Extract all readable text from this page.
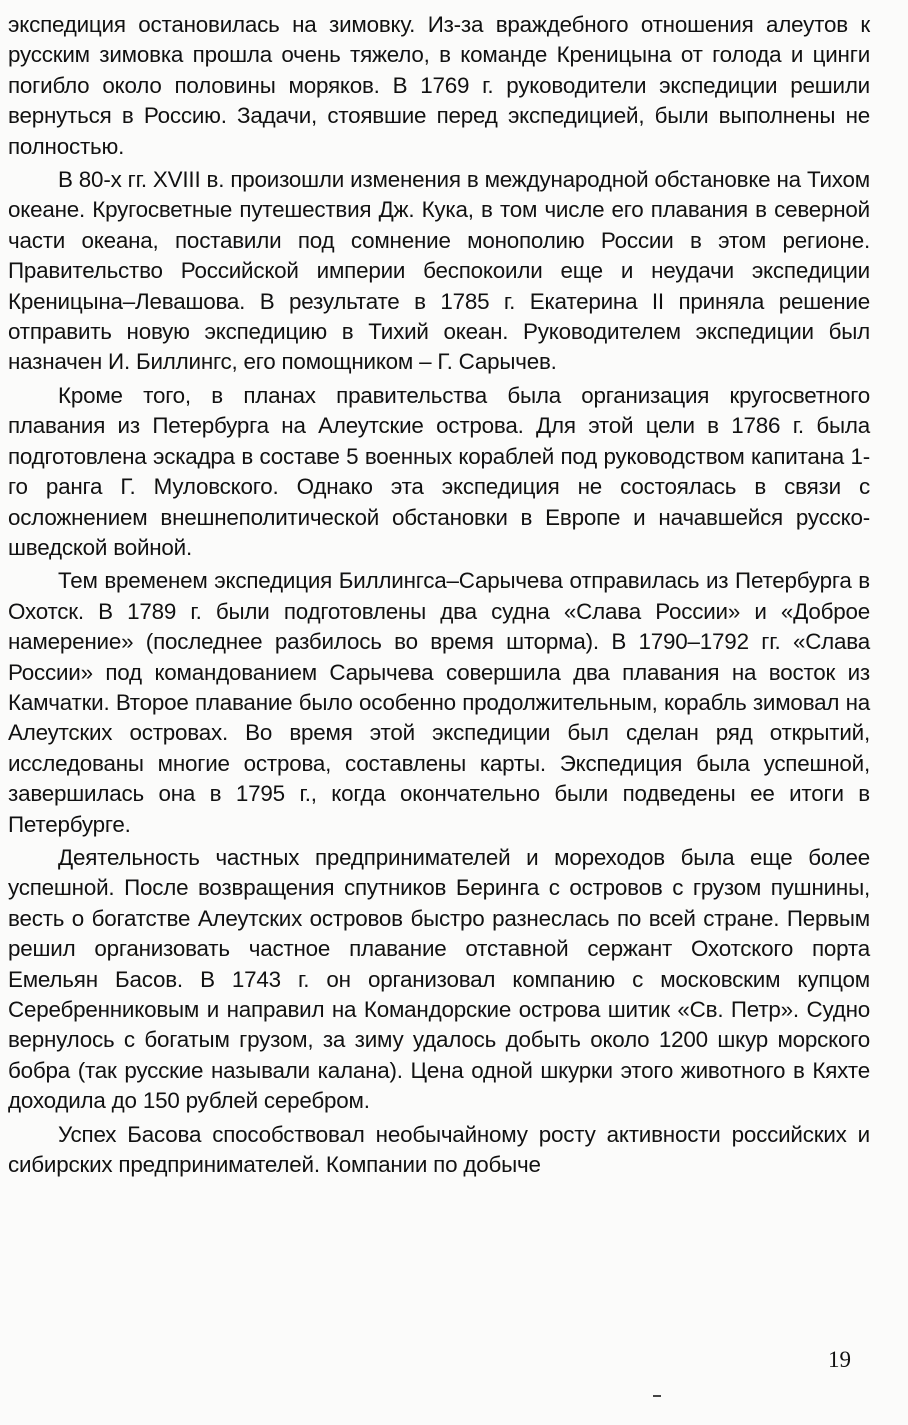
экспедиция остановилась на зимовку. Из-за враждебного отношения алеутов к русским зимовка прошла очень тяжело, в команде Креницына от голода и цинги погибло около половины моряков. В 1769 г. руководители экспедиции решили вернуться в Россию. Задачи, стоявшие перед экспедицией, были выполнены не полностью.

В 80-х гг. XVIII в. произошли изменения в международной обстановке на Тихом океане. Кругосветные путешествия Дж. Кука, в том числе его плавания в северной части океана, поставили под сомнение монополию России в этом регионе. Правительство Российской империи беспокоили еще и неудачи экспедиции Креницына–Левашова. В результате в 1785 г. Екатерина II приняла решение отправить новую экспедицию в Тихий океан. Руководителем экспедиции был назначен И. Биллингс, его помощником – Г. Сарычев.

Кроме того, в планах правительства была организация кругосветного плавания из Петербурга на Алеутские острова. Для этой цели в 1786 г. была подготовлена эскадра в составе 5 военных кораблей под руководством капитана 1-го ранга Г. Муловского. Однако эта экспедиция не состоялась в связи с осложнением внешнеполитической обстановки в Европе и начавшейся русско-шведской войной.

Тем временем экспедиция Биллингса–Сарычева отправилась из Петербурга в Охотск. В 1789 г. были подготовлены два судна «Слава России» и «Доброе намерение» (последнее разбилось во время шторма). В 1790–1792 гг. «Слава России» под командованием Сарычева совершила два плавания на восток из Камчатки. Второе плавание было особенно продолжительным, корабль зимовал на Алеутских островах. Во время этой экспедиции был сделан ряд открытий, исследованы многие острова, составлены карты. Экспедиция была успешной, завершилась она в 1795 г., когда окончательно были подведены ее итоги в Петербурге.

Деятельность частных предпринимателей и мореходов была еще более успешной. После возвращения спутников Беринга с островов с грузом пушнины, весть о богатстве Алеутских островов быстро разнеслась по всей стране. Первым решил организовать частное плавание отставной сержант Охотского порта Емельян Басов. В 1743 г. он организовал компанию с московским купцом Серебренниковым и направил на Командорские острова шитик «Св. Петр». Судно вернулось с богатым грузом, за зиму удалось добыть около 1200 шкур морского бобра (так русские называли калана). Цена одной шкурки этого животного в Кяхте доходила до 150 рублей серебром.

Успех Басова способствовал необычайному росту активности российских и сибирских предпринимателей. Компании по добыче

19
